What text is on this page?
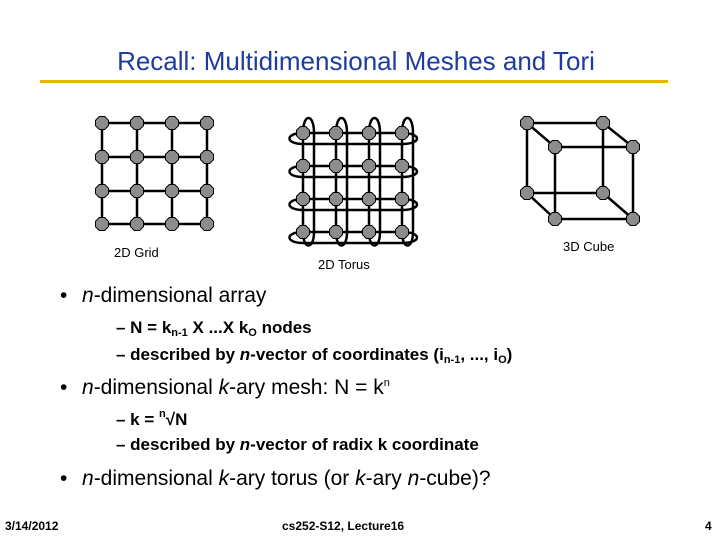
Recall: Multidimensional Meshes and Tori
2D Grid
2D Torus
3D Cube
• n-dimensional array
– $N = k_{n-1}$ X ...X $k_O$ nodes
– described by n-vector of coordinates ($i_{n-1}$, ..., $i_O$)
• n-dimensional k-ary mesh: $N = k^n$
– k = $^n$√N
– described by n-vector of radix k coordinate
• n-dimensional k-ary torus (or k-ary n-cube)?
3/14/2012	cs252-S12, Lecture16	4
